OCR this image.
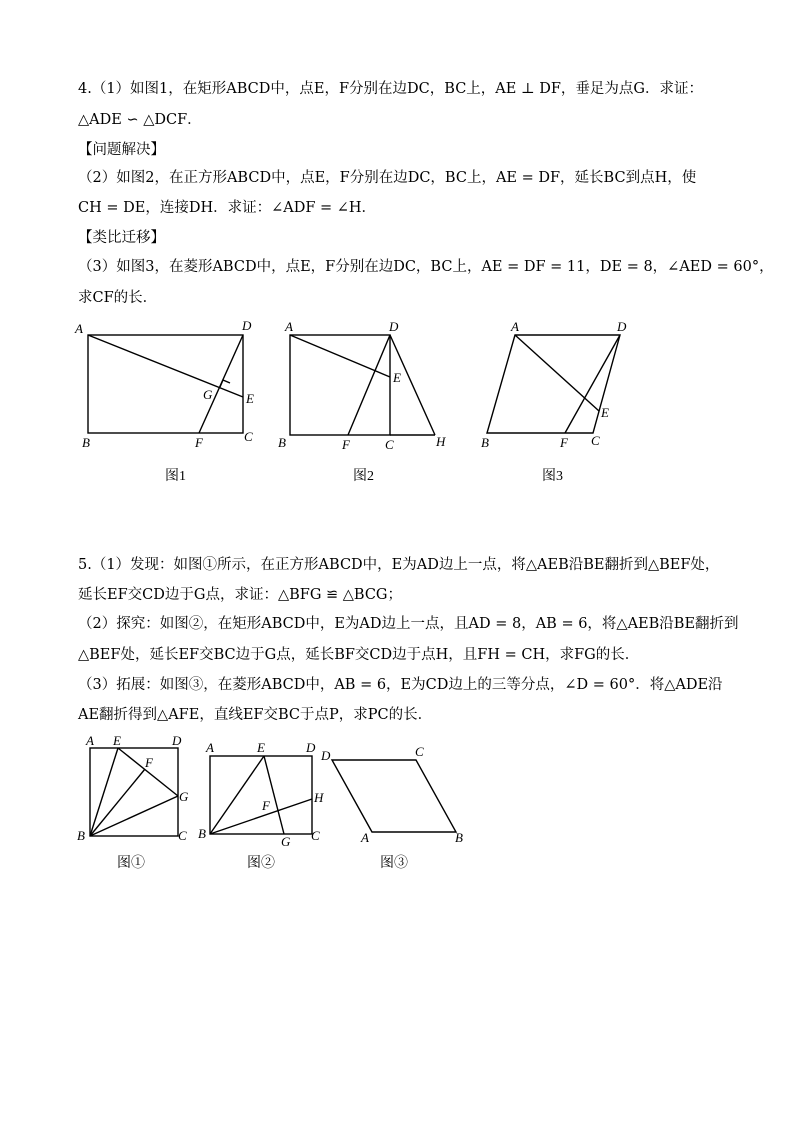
4.（1）如图1，在矩形ABCD中，点E，F分别在边DC，BC上，AE ⊥ DF，垂足为点G．求证：
△ADE ∽ △DCF．
【问题解决】
（2）如图2，在正方形ABCD中，点E，F分别在边DC，BC上，AE = DF，延长BC到点H，使
CH = DE，连接DH．求证：∠ADF = ∠H．
【类比迁移】
（3）如图3，在菱形ABCD中，点E，F分别在边DC，BC上，AE = DF = 11，DE = 8，∠AED = 60°，
求CF的长．
A	D
B	C
E
F
G
图1
A	D
B	C
E
F	H
图2
A	D
B	C
E
F
图3
5.（1）发现：如图①所示，在正方形ABCD中，E为AD边上一点，将△AEB沿BE翻折到△BEF处，
延长EF交CD边于G点，求证：△BFG ≌ △BCG；
（2）探究：如图②，在矩形ABCD中，E为AD边上一点，且AD = 8，AB = 6，将△AEB沿BE翻折到
△BEF处，延长EF交BC边于G点，延长BF交CD边于点H，且FH = CH，求FG的长．
（3）拓展：如图③，在菱形ABCD中，AB = 6，E为CD边上的三等分点，∠D = 60°．将△ADE沿
AE翻折得到△AFE，直线EF交BC于点P，求PC的长．
A E	D
F
G
B	C
图①
A	E	D
H
F
B
G C
图②
D	C
A	B
图③
